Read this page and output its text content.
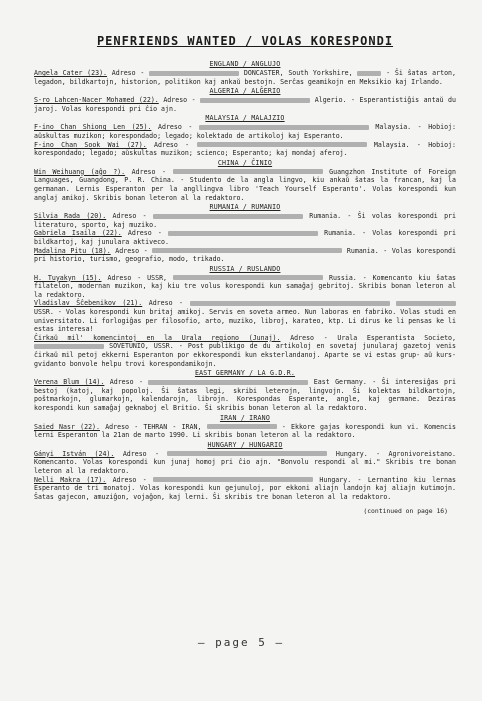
PENFRIENDS WANTED / VOLAS KORESPONDI
ENGLAND / ANGLUJO

Angela Cater (23). Adreso -	DONCASTER, South Yorkshire,	- Ŝi ŝatas arton, legadon, bildkartojn, historion, politikon kaj ankaŭ bestojn. Serĉas geamikojn en Meksikio kaj Irlando.

ALGERIA / ALĜERIO

S-ro Lahcen-Nacer Mohamed (22). Adreso -	Algerio. - Esperantistiĝis antaŭ du jaroj. Volas korespondi pri ĉio ajn.

MALAYSIA / MALAJZIO

F-ino Chan Shiong Len (25). Adreso -	Malaysia. - Hobioj: aŭskultas muzikon; korespondado; legado; kolektado de artikoloj kaj Esperanto.

F-ino Chan Sook Wai (27). Adreso -	Malaysia. - Hobioj: korespondado; legado; aŭskultas muzikon; scienco; Esperanto; kaj mondaj aferoj.

CHINA / ĈINIO

Win Weihuang (aĝo ?). Adreso -	Guangzhon Institute of Foreign Languages, Guangdong, P. R. China. - Studento de la angla lingvo, kiu ankaŭ ŝatas la francan, kaj la germanan. Lernis Esperanton per la angllingva libro 'Teach Yourself Esperanto'. Volas korespondi kun anglaj amikoj. Skribis bonan leteron al la redaktoro.

RUMANIA / RUMANIO

Silvia Rada (20). Adreso -	Rumania. - Ŝi volas korespondi pri literaturo, sporto, kaj muziko.

Gabriela Isaila (22). Adreso -	Rumania. - Volas korespondi pri bildkartoj, kaj junulara aktiveco.

Madalina Pitu (18). Adreso -	Rumania. - Volas korespondi pri historio, turismo, geografio, modo, trikado.

RUSSIA / RUSLANDO

H. Tuyakyn (15). Adreso - USSR,	Russia. - Komencanto kiu ŝatas filatelon, modernan muzikon, kaj kiu tre volus korespondi kun samaĝaj gebritoj. Skribis bonan leteron al la redaktoro.

Vladislav Ŝĉebenikov (21). Adreso -   USSR. - Volas korespondi kun britaj amikoj. Servis en soveta armeo. Nun laboras en fabriko. Volas studi en universitato. Li forlogiĝas per filosofio, arto, muziko, libroj, karateo, ktp. Li dirus ke li pensas ke li estas interesa!

Ĉirkaŭ mil' komencintoj en la Urala regiono (Junaj). Adreso - Urala Esperantista Societo,  SOVETUNIO, USSR. - Post publikigo de du artikoloj en sovetaj junularaj gazetoj venis ĉirkaŭ mil petoj ekkerni Esperanton por ekkorespondi kun eksterlandanoj. Aparte se vi estas grup- aŭ kurs- gvidanto bonvole helpu trovi korespondamikojn.

EAST GERMANY / LA G.D.R.

Verena Blum (14). Adreso -	East Germany. - Ŝi interesiĝas pri bestoj (katoj, kaj popoloj. Ŝi ŝatas legi, skribi leterojn, lingvojn. Ŝi kolektas bildkartojn, poŝtmarkojn, glumarkojn, kalendarojn, librojn. Korespondas Esperante, angle, kaj germane. Deziras korespondi kun samaĝaj geknaboj el Britio. Ŝi skribis bonan leteron al la redaktoro.

IRAN / IRANO

Saied Nasr (22). Adreso - TEHRAN - IRAN,	- Ekkore gajas korespondi kun vi. Komencis lerni Esperanton la 21an de marto 1990. Li skribis bonan leteron al la redaktoro.

HUNGARY / HUNGARIO

Gányi István (24). Adreso -	Hungary. - Agronivoreistano. Komencanto. Volas korespondi kun junaj homoj pri ĉio ajn. "Bonvolu respondi al mi." Skribis tre bonan leteron al la redaktoro.

Nelli Makra (17). Adreso -	Hungary. - Lernantino kiu lernas Esperanto de tri monatoj. Volas korespondi kun gejunuloj, por ekkoni aliajn landojn kaj aliajn kutimojn. Ŝatas gajecon, amuziĝon, vojaĝon, kaj lerni. Ŝi skribis tre bonan leteron al la redaktoro.

(continued on page 16)
— page 5 —
